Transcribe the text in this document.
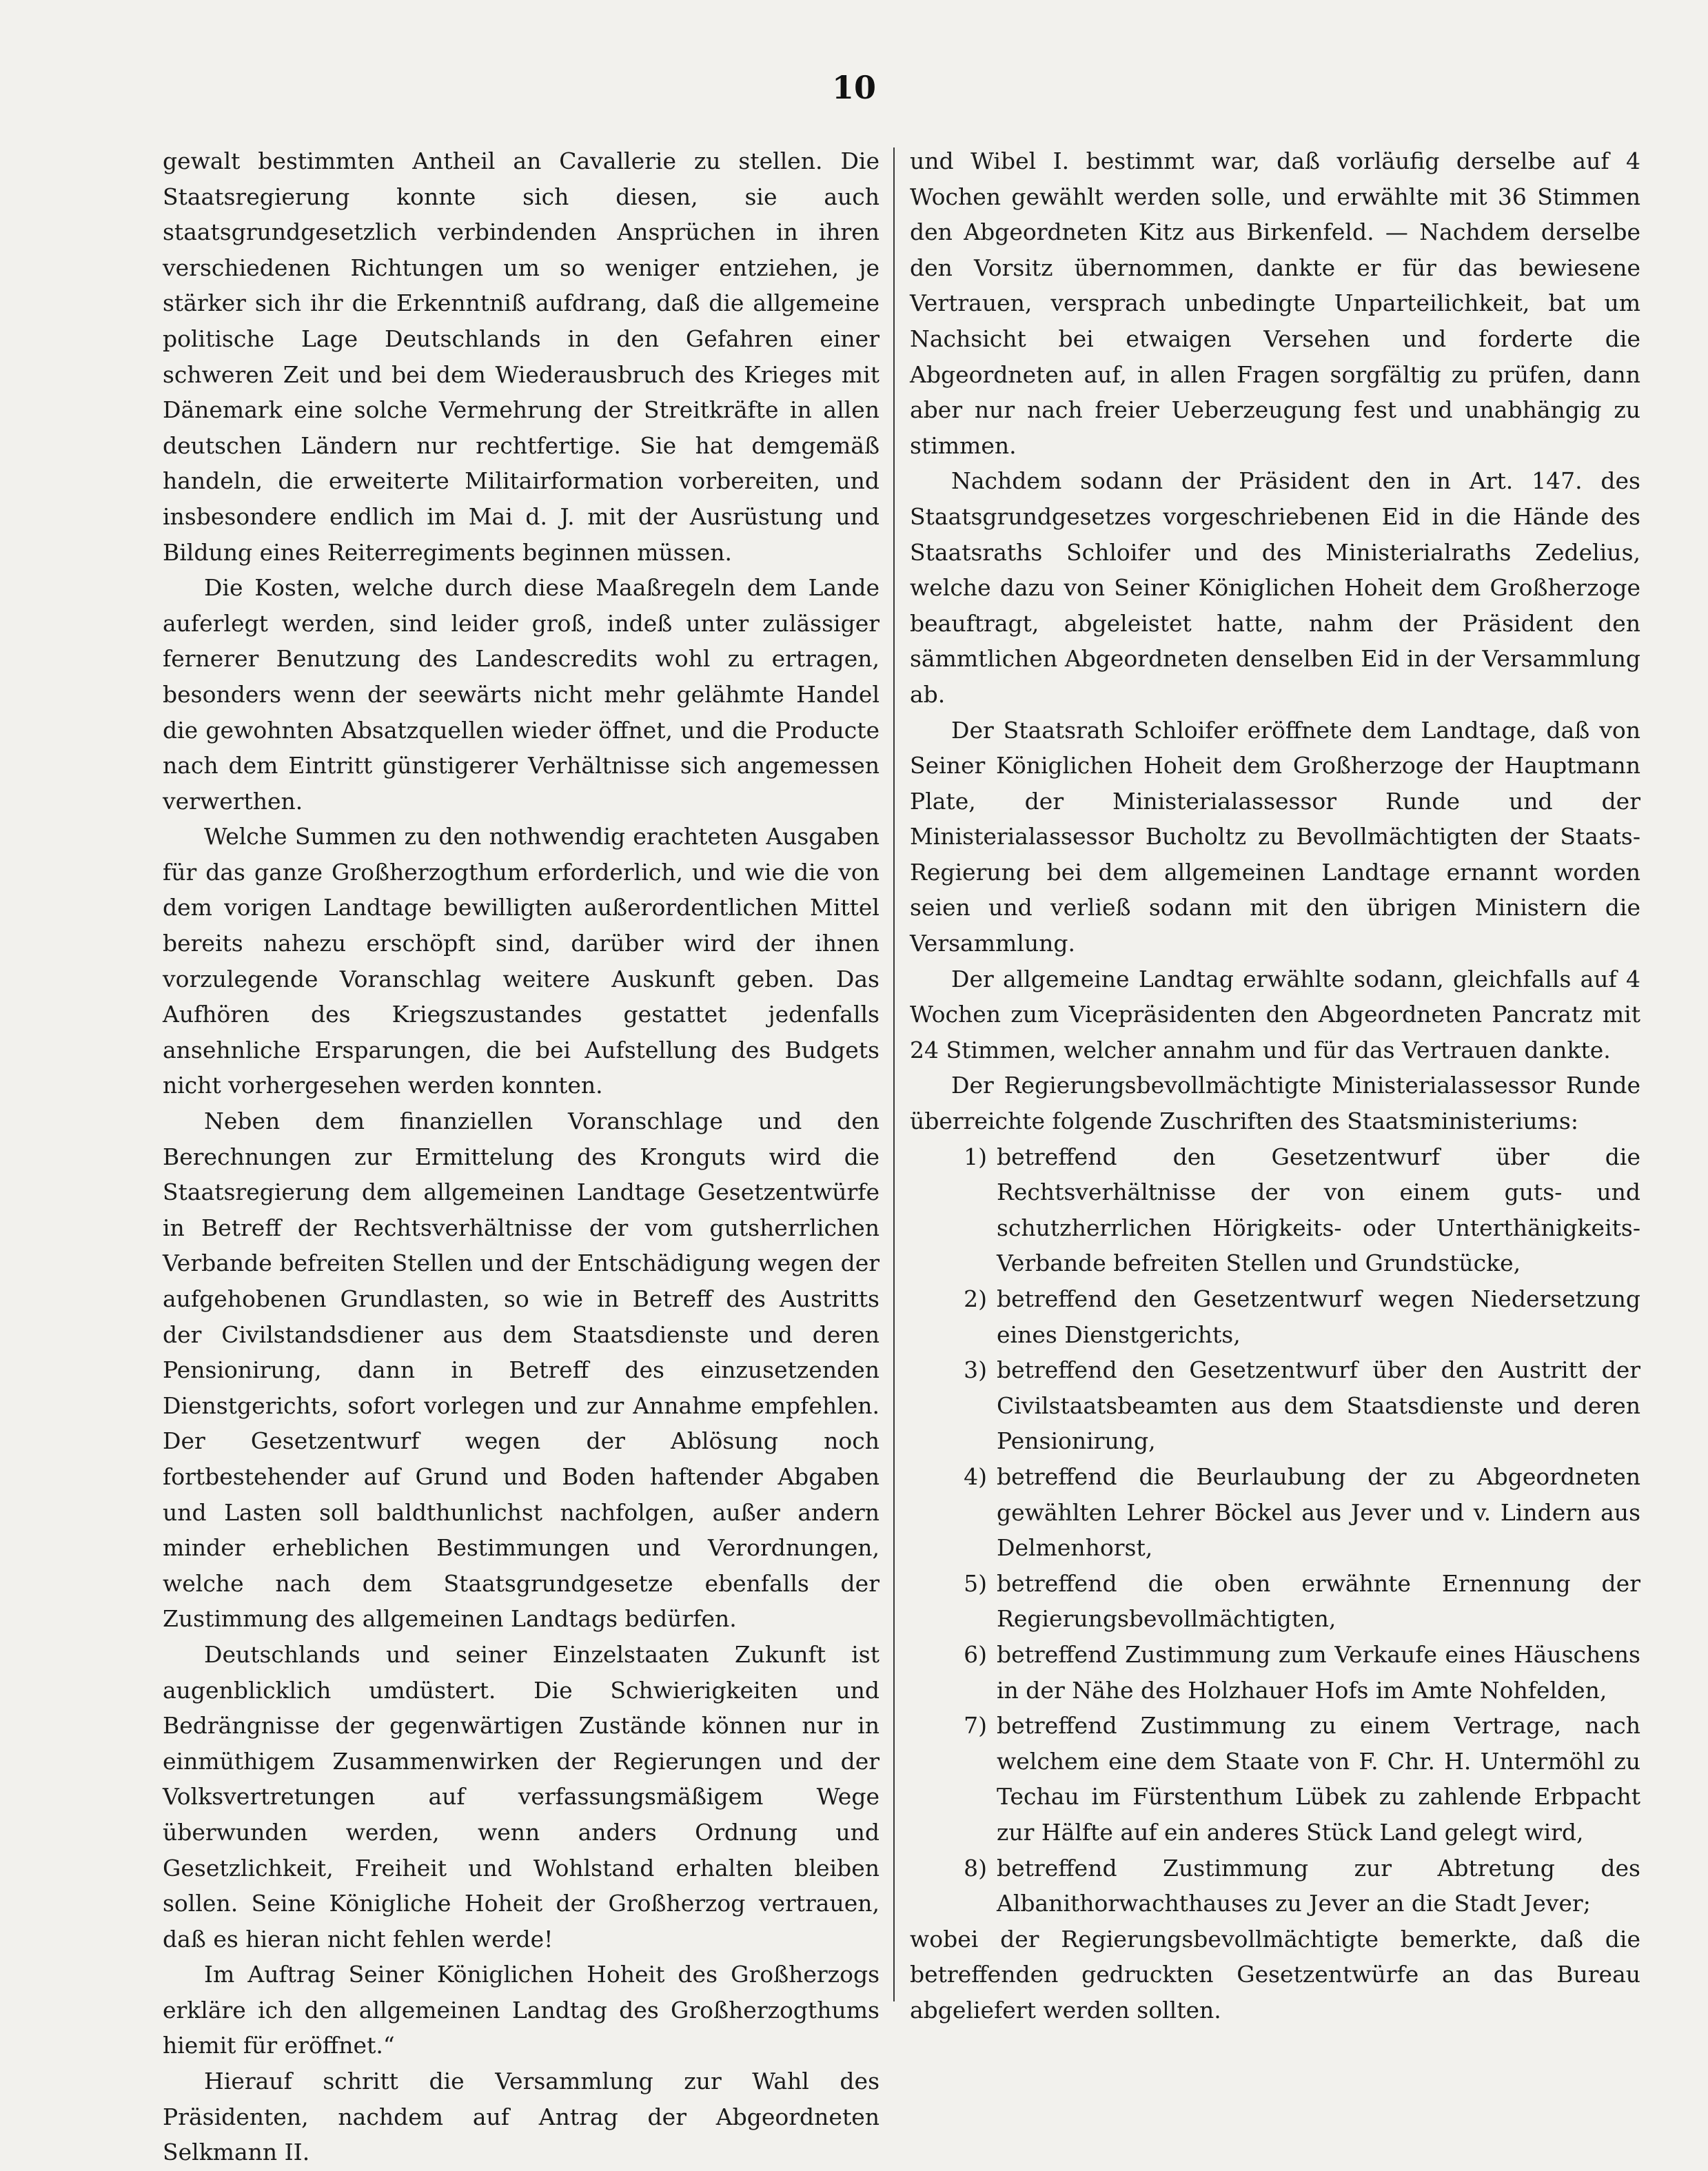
10

gewalt bestimmten Antheil an Cavallerie zu stellen. Die Staatsregierung konnte sich diesen, sie auch staatsgrundgesetzlich verbindenden Ansprüchen in ihren verschiedenen Richtungen um so weniger entziehen, je stärker sich ihr die Erkenntniß aufdrang, daß die allgemeine politische Lage Deutschlands in den Gefahren einer schweren Zeit und bei dem Wiederausbruch des Krieges mit Dänemark eine solche Vermehrung der Streitkräfte in allen deutschen Ländern nur rechtfertige. Sie hat demgemäß handeln, die erweiterte Militairformation vorbereiten, und insbesondere endlich im Mai d. J. mit der Ausrüstung und Bildung eines Reiterregiments beginnen müssen.

Die Kosten, welche durch diese Maaßregeln dem Lande auferlegt werden, sind leider groß, indeß unter zulässiger fernerer Benutzung des Landescredits wohl zu ertragen, besonders wenn der seewärts nicht mehr gelähmte Handel die gewohnten Absatzquellen wieder öffnet, und die Producte nach dem Eintritt günstigerer Verhältnisse sich angemessen verwerthen.

Welche Summen zu den nothwendig erachteten Ausgaben für das ganze Großherzogthum erforderlich, und wie die von dem vorigen Landtage bewilligten außerordentlichen Mittel bereits nahezu erschöpft sind, darüber wird der ihnen vorzulegende Voranschlag weitere Auskunft geben. Das Aufhören des Kriegszustandes gestattet jedenfalls ansehnliche Ersparungen, die bei Aufstellung des Budgets nicht vorhergesehen werden konnten.

Neben dem finanziellen Voranschlage und den Berechnungen zur Ermittelung des Kronguts wird die Staatsregierung dem allgemeinen Landtage Gesetzentwürfe in Betreff der Rechtsverhältnisse der vom gutsherrlichen Verbande befreiten Stellen und der Entschädigung wegen der aufgehobenen Grundlasten, so wie in Betreff des Austritts der Civilstandsdiener aus dem Staatsdienste und deren Pensionirung, dann in Betreff des einzusetzenden Dienstgerichts, sofort vorlegen und zur Annahme empfehlen. Der Gesetzentwurf wegen der Ablösung noch fortbestehender auf Grund und Boden haftender Abgaben und Lasten soll baldthunlichst nachfolgen, außer andern minder erheblichen Bestimmungen und Verordnungen, welche nach dem Staatsgrundgesetze ebenfalls der Zustimmung des allgemeinen Landtags bedürfen.

Deutschlands und seiner Einzelstaaten Zukunft ist augenblicklich umdüstert. Die Schwierigkeiten und Bedrängnisse der gegenwärtigen Zustände können nur in einmüthigem Zusammenwirken der Regierungen und der Volksvertretungen auf verfassungsmäßigem Wege überwunden werden, wenn anders Ordnung und Gesetzlichkeit, Freiheit und Wohlstand erhalten bleiben sollen. Seine Königliche Hoheit der Großherzog vertrauen, daß es hieran nicht fehlen werde!

Im Auftrag Seiner Königlichen Hoheit des Großherzogs erkläre ich den allgemeinen Landtag des Großherzogthums hiemit für eröffnet.“

Hierauf schritt die Versammlung zur Wahl des Präsidenten, nachdem auf Antrag der Abgeordneten Selkmann II.

und Wibel I. bestimmt war, daß vorläufig derselbe auf 4 Wochen gewählt werden solle, und erwählte mit 36 Stimmen den Abgeordneten Kitz aus Birkenfeld. — Nachdem derselbe den Vorsitz übernommen, dankte er für das bewiesene Vertrauen, versprach unbedingte Unparteilichkeit, bat um Nachsicht bei etwaigen Versehen und forderte die Abgeordneten auf, in allen Fragen sorgfältig zu prüfen, dann aber nur nach freier Ueberzeugung fest und unabhängig zu stimmen.

Nachdem sodann der Präsident den in Art. 147. des Staatsgrundgesetzes vorgeschriebenen Eid in die Hände des Staatsraths Schloifer und des Ministerialraths Zedelius, welche dazu von Seiner Königlichen Hoheit dem Großherzoge beauftragt, abgeleistet hatte, nahm der Präsident den sämmtlichen Abgeordneten denselben Eid in der Versammlung ab.

Der Staatsrath Schloifer eröffnete dem Landtage, daß von Seiner Königlichen Hoheit dem Großherzoge der Hauptmann Plate, der Ministerialassessor Runde und der Ministerialassessor Bucholtz zu Bevollmächtigten der Staats-Regierung bei dem allgemeinen Landtage ernannt worden seien und verließ sodann mit den übrigen Ministern die Versammlung.

Der allgemeine Landtag erwählte sodann, gleichfalls auf 4 Wochen zum Vicepräsidenten den Abgeordneten Pancratz mit 24 Stimmen, welcher annahm und für das Vertrauen dankte.

Der Regierungsbevollmächtigte Ministerialassessor Runde überreichte folgende Zuschriften des Staatsministeriums:

1) betreffend den Gesetzentwurf über die Rechtsverhältnisse der von einem guts- und schutzherrlichen Hörigkeits- oder Unterthänigkeits-Verbande befreiten Stellen und Grundstücke,
2) betreffend den Gesetzentwurf wegen Niedersetzung eines Dienstgerichts,
3) betreffend den Gesetzentwurf über den Austritt der Civilstaatsbeamten aus dem Staatsdienste und deren Pensionirung,
4) betreffend die Beurlaubung der zu Abgeordneten gewählten Lehrer Böckel aus Jever und v. Lindern aus Delmenhorst,
5) betreffend die oben erwähnte Ernennung der Regierungsbevollmächtigten,
6) betreffend Zustimmung zum Verkaufe eines Häuschens in der Nähe des Holzhauer Hofs im Amte Nohfelden,
7) betreffend Zustimmung zu einem Vertrage, nach welchem eine dem Staate von F. Chr. H. Untermöhl zu Techau im Fürstenthum Lübek zu zahlende Erbpacht zur Hälfte auf ein anderes Stück Land gelegt wird,
8) betreffend Zustimmung zur Abtretung des Albanithorwachthauses zu Jever an die Stadt Jever;

wobei der Regierungsbevollmächtigte bemerkte, daß die betreffenden gedruckten Gesetzentwürfe an das Bureau abgeliefert werden sollten.
